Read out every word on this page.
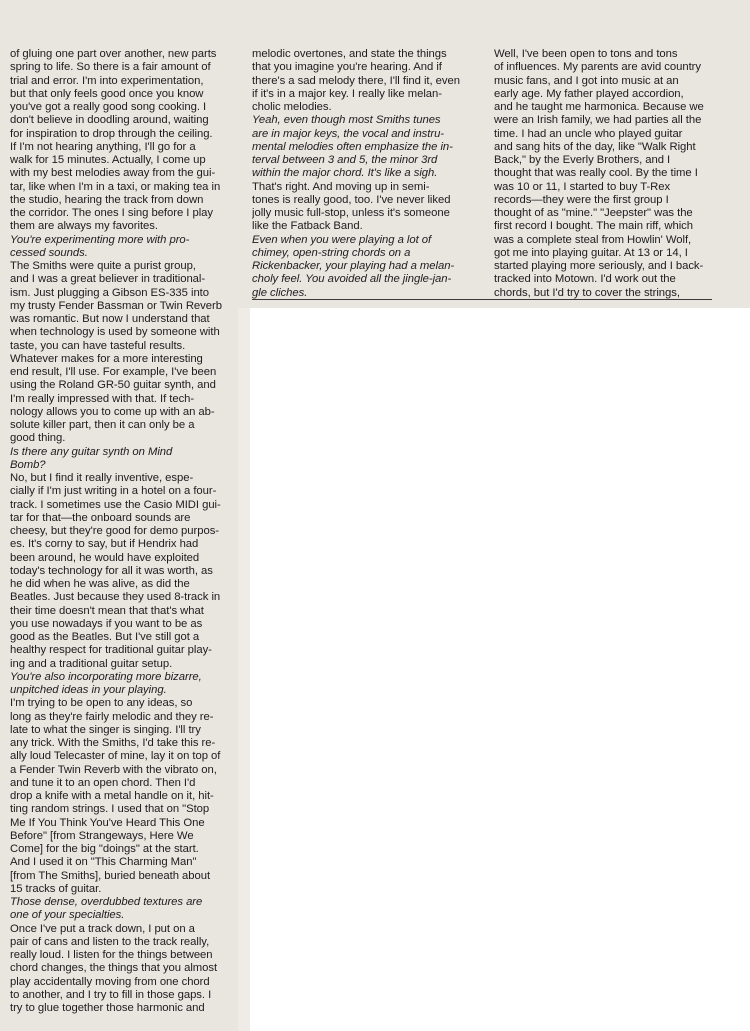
of gluing one part over another, new parts
spring to life. So there is a fair amount of
trial and error. I'm into experimentation,
but that only feels good once you know
you've got a really good song cooking. I
don't believe in doodling around, waiting
for inspiration to drop through the ceiling.
If I'm not hearing anything, I'll go for a
walk for 15 minutes. Actually, I come up
with my best melodies away from the gui-
tar, like when I'm in a taxi, or making tea in
the studio, hearing the track from down
the corridor. The ones I sing before I play
them are always my favorites.
You're experimenting more with pro-
cessed sounds.
The Smiths were quite a purist group,
and I was a great believer in traditional-
ism. Just plugging a Gibson ES-335 into
my trusty Fender Bassman or Twin Reverb
was romantic. But now I understand that
when technology is used by someone with
taste, you can have tasteful results.
Whatever makes for a more interesting
end result, I'll use. For example, I've been
using the Roland GR-50 guitar synth, and
I'm really impressed with that. If tech-
nology allows you to come up with an ab-
solute killer part, then it can only be a
good thing.
Is there any guitar synth on Mind
Bomb?
No, but I find it really inventive, espe-
cially if I'm just writing in a hotel on a four-
track. I sometimes use the Casio MIDI gui-
tar for that—the onboard sounds are
cheesy, but they're good for demo purpos-
es. It's corny to say, but if Hendrix had
been around, he would have exploited
today's technology for all it was worth, as
he did when he was alive, as did the
Beatles. Just because they used 8-track in
their time doesn't mean that that's what
you use nowadays if you want to be as
good as the Beatles. But I've still got a
healthy respect for traditional guitar play-
ing and a traditional guitar setup.
You're also incorporating more bizarre,
unpitched ideas in your playing.
I'm trying to be open to any ideas, so
long as they're fairly melodic and they re-
late to what the singer is singing. I'll try
any trick. With the Smiths, I'd take this re-
ally loud Telecaster of mine, lay it on top of
a Fender Twin Reverb with the vibrato on,
and tune it to an open chord. Then I'd
drop a knife with a metal handle on it, hit-
ting random strings. I used that on "Stop
Me If You Think You've Heard This One
Before" [from Strangeways, Here We
Come] for the big "doings" at the start.
And I used it on "This Charming Man"
[from The Smiths], buried beneath about
15 tracks of guitar.
Those dense, overdubbed textures are
one of your specialties.
Once I've put a track down, I put on a
pair of cans and listen to the track really,
really loud. I listen for the things between
chord changes, the things that you almost
play accidentally moving from one chord
to another, and I try to fill in those gaps. I
try to glue together those harmonic and
melodic overtones, and state the things
that you imagine you're hearing. And if
there's a sad melody there, I'll find it, even
if it's in a major key. I really like melan-
cholic melodies.
Yeah, even though most Smiths tunes
are in major keys, the vocal and instru-
mental melodies often emphasize the in-
terval between 3 and 5, the minor 3rd
within the major chord. It's like a sigh.
That's right. And moving up in semi-
tones is really good, too. I've never liked
jolly music full-stop, unless it's someone
like the Fatback Band.
Even when you were playing a lot of
chimey, open-string chords on a
Rickenbacker, your playing had a melan-
choly feel. You avoided all the jingle-jan-
gle cliches.
Well, I've been open to tons and tons
of influences. My parents are avid country
music fans, and I got into music at an
early age. My father played accordion,
and he taught me harmonica. Because we
were an Irish family, we had parties all the
time. I had an uncle who played guitar
and sang hits of the day, like "Walk Right
Back," by the Everly Brothers, and I
thought that was really cool. By the time I
was 10 or 11, I started to buy T-Rex
records—they were the first group I
thought of as "mine." "Jeepster" was the
first record I bought. The main riff, which
was a complete steal from Howlin' Wolf,
got me into playing guitar. At 13 or 14, I
started playing more seriously, and I back-
tracked into Motown. I'd work out the
chords, but I'd try to cover the strings,
